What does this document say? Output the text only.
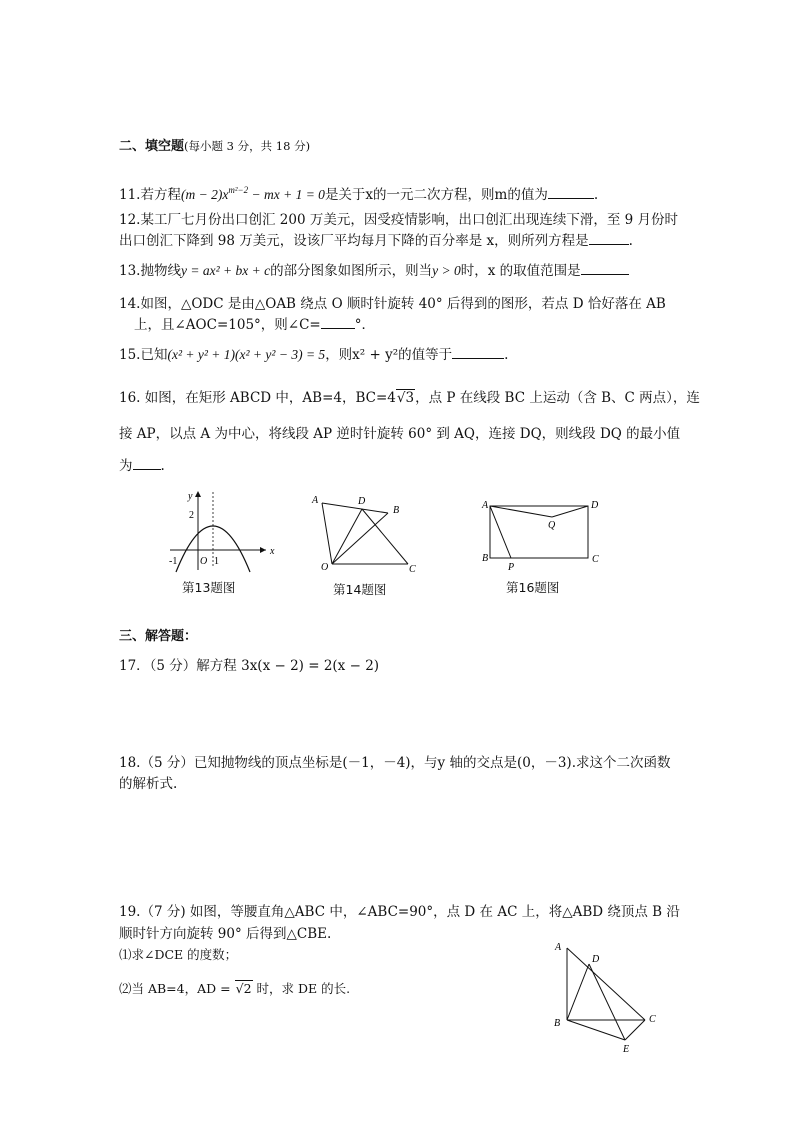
二、填空题(每小题 3 分，共 18 分)
11.若方程$(m - 2)x^{m^2-2}$ − mx + 1 = 0是关于x的一元二次方程，则m的值为	.
12.某工厂七月份出口创汇 200 万美元，因受疫情影响，出口创汇出现连续下滑，至 9 月份时
出口创汇下降到 98 万美元，设该厂平均每月下降的百分率是 x，则所列方程是	.
13.抛物线y = ax² + bx + c的部分图象如图所示，则当y > 0时，x 的取值范围是
14.如图，△ODC 是由△OAB 绕点 O 顺时针旋转 40° 后得到的图形，若点 D 恰好落在 AB
上，且∠AOC=105°，则∠C=	°．
15.已知(x² + y² + 1)(x² + y² − 3) = 5，则x² + y²的值等于	.
16. 如图，在矩形 ABCD 中，AB=4，BC=4√3，点 P 在线段 BC 上运动（含 B、C 两点），连
接 AP，以点 A 为中心，将线段 AP 逆时针旋转 60° 到 AQ，连接 DQ，则线段 DQ 的最小值
为 .
y
x
2
-1 O 1
第13题图
A	D
B
O	C
第14题图
A	D
Q
B
P
C
第16题图
三、解答题：
17．（5 分）解方程 3x(x − 2) = 2(x − 2)
18.（5 分）已知抛物线的顶点坐标是(－1，－4)，与y 轴的交点是(0，－3).求这个二次函数
的解析式.
19.（7 分) 如图，等腰直角△ABC 中，∠ABC=90°，点 D 在 AC 上，将△ABD 绕顶点 B 沿
顺时针方向旋转 90° 后得到△CBE.
⑴求∠DCE 的度数；
⑵当 AB=4，AD = √2 时，求 DE 的长.
A
D
B	C
E
